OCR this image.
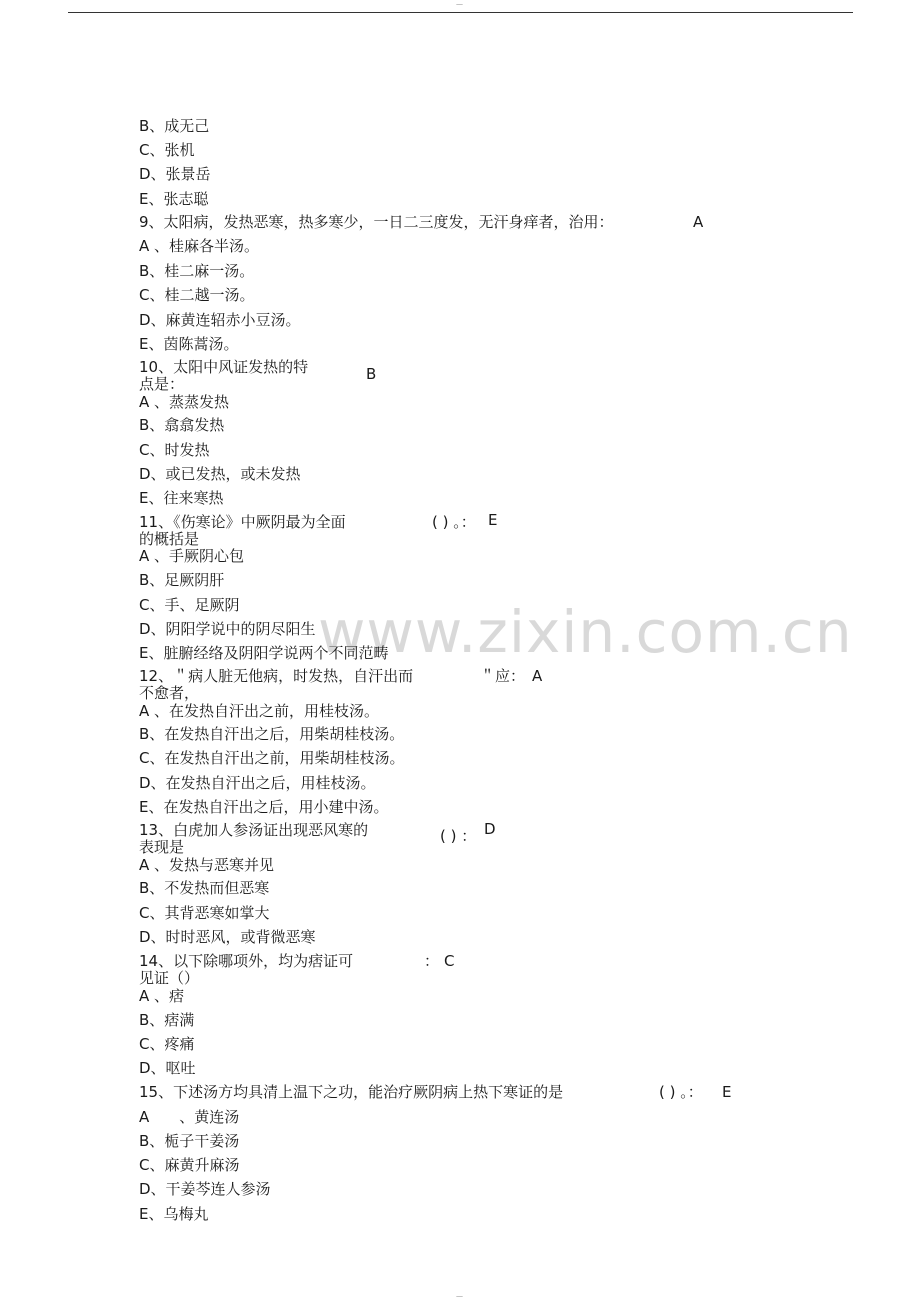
—
www.zixin.com.cn
B、成无己
C、张机
D、张景岳
E、张志聪
9、太阳病，发热恶寒，热多寒少，一日二三度发，无汗身痒者，治用：	A
A 、桂麻各半汤。
B、桂二麻一汤。
C、桂二越一汤。
D、麻黄连轺赤小豆汤。
E、茵陈蒿汤。
10、太阳中风证发热的特	B
点是：
A 、蒸蒸发热
B、翕翕发热
C、时发热
D、或已发热，或未发热
E、往来寒热
11、《伤寒论》中厥阴最为全面	( ) 。： E
的概括是
A 、手厥阴心包
B、足厥阴肝
C、手、足厥阴
D、阴阳学说中的阴尽阳生
E、脏腑经络及阴阳学说两个不同范畴
12、＂病人脏无他病，时发热，自汗出而	＂应： A
不愈者，
A 、在发热自汗出之前，用桂枝汤。
B、在发热自汗出之后，用柴胡桂枝汤。
C、在发热自汗出之前，用柴胡桂枝汤。
D、在发热自汗出之后，用桂枝汤。
E、在发热自汗出之后，用小建中汤。
13、白虎加人参汤证出现恶风寒的	( ) ： D
表现是
A 、发热与恶寒并见
B、不发热而但恶寒
C、其背恶寒如掌大
D、时时恶风，或背微恶寒
14、以下除哪项外，均为痞证可	： C
见证（）
A 、痞
B、痞满
C、疼痛
D、呕吐
15、下述汤方均具清上温下之功，能治疗厥阴病上热下寒证的是	( ) 。： E
A　　、黄连汤
B、栀子干姜汤
C、麻黄升麻汤
D、干姜芩连人参汤
E、乌梅丸
—
